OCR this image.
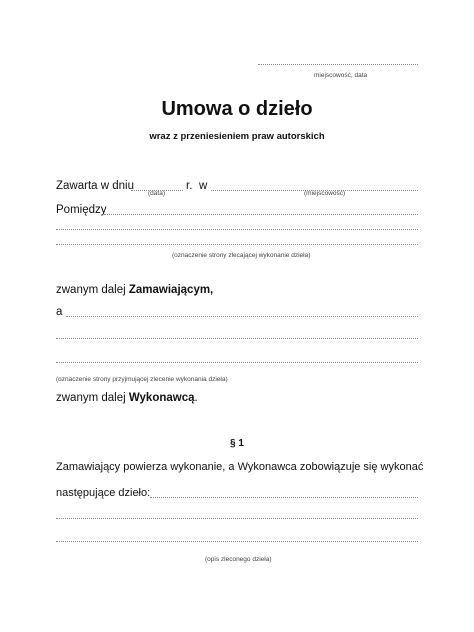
miejscowość, data
Umowa o dzieło
wraz z przeniesieniem praw autorskich
Zawarta w dniu	r. w
(data)	(miejscowość)
Pomiędzy
(oznaczenie strony zlecającej wykonanie dzieła)
zwanym dalej Zamawiającym,
a
(oznaczenie strony przyjmującej zlecenie wykonania dzieła)
zwanym dalej Wykonawcą.
§ 1
Zamawiający powierza wykonanie, a Wykonawca zobowiązuje się wykonać
następujące dzieło:
(opis zleconego dzieła)
